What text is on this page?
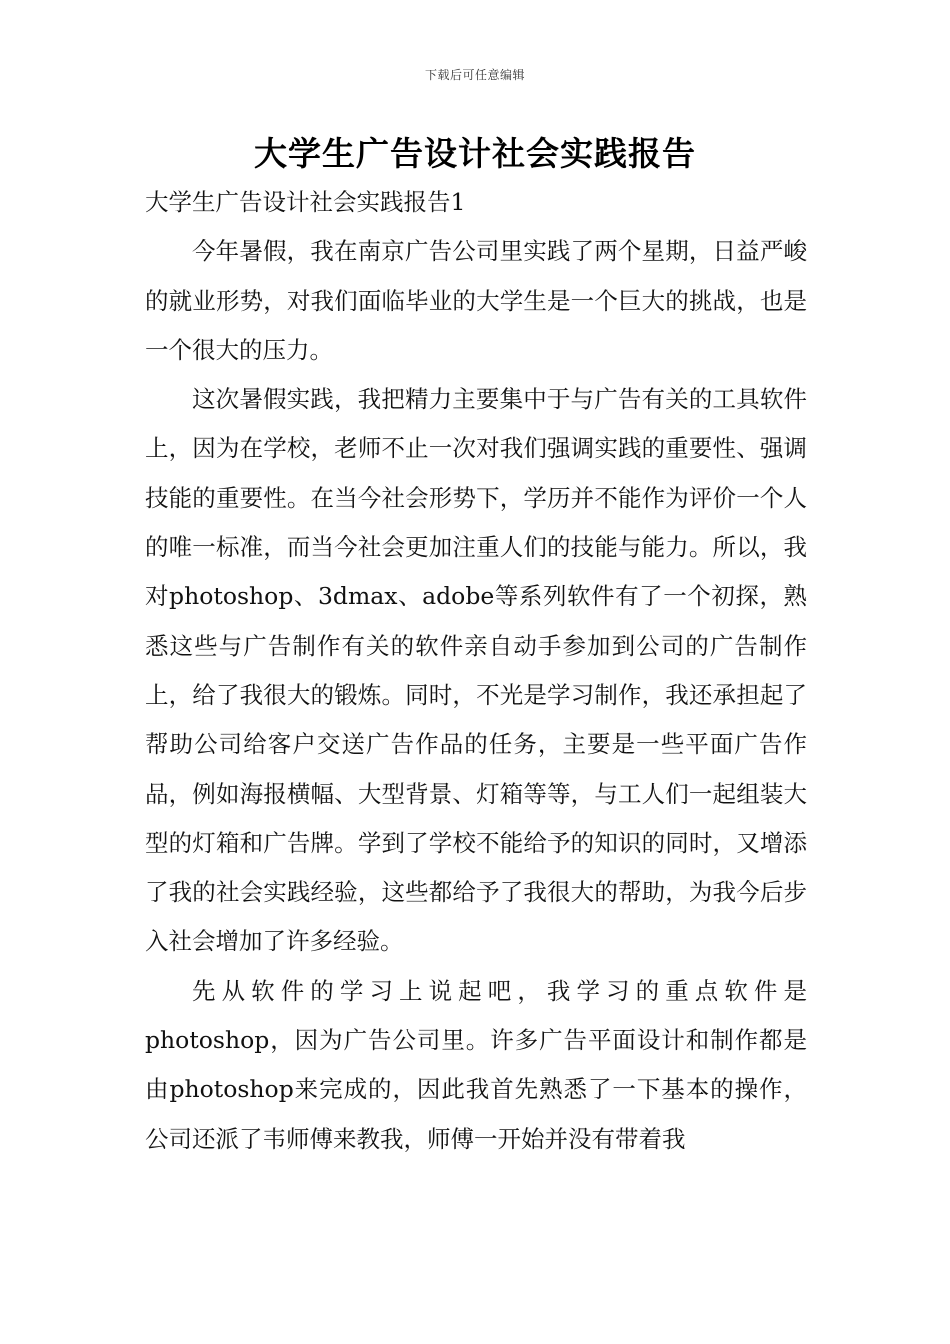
下载后可任意编辑
大学生广告设计社会实践报告

大学生广告设计社会实践报告1

今年暑假，我在南京广告公司里实践了两个星期，日益严峻的就业形势，对我们面临毕业的大学生是一个巨大的挑战，也是一个很大的压力。

这次暑假实践，我把精力主要集中于与广告有关的工具软件上，因为在学校，老师不止一次对我们强调实践的重要性、强调技能的重要性。在当今社会形势下，学历并不能作为评价一个人的唯一标准，而当今社会更加注重人们的技能与能力。所以，我对photoshop、3dmax、adobe等系列软件有了一个初探，熟悉这些与广告制作有关的软件亲自动手参加到公司的广告制作上，给了我很大的锻炼。同时，不光是学习制作，我还承担起了帮助公司给客户交送广告作品的任务，主要是一些平面广告作品，例如海报横幅、大型背景、灯箱等等，与工人们一起组装大型的灯箱和广告牌。学到了学校不能给予的知识的同时，又增添了我的社会实践经验，这些都给予了我很大的帮助，为我今后步入社会增加了许多经验。

先从软件的学习上说起吧，我学习的重点软件是photoshop，因为广告公司里。许多广告平面设计和制作都是由photoshop来完成的，因此我首先熟悉了一下基本的操作，公司还派了韦师傅来教我，师傅一开始并没有带着我
